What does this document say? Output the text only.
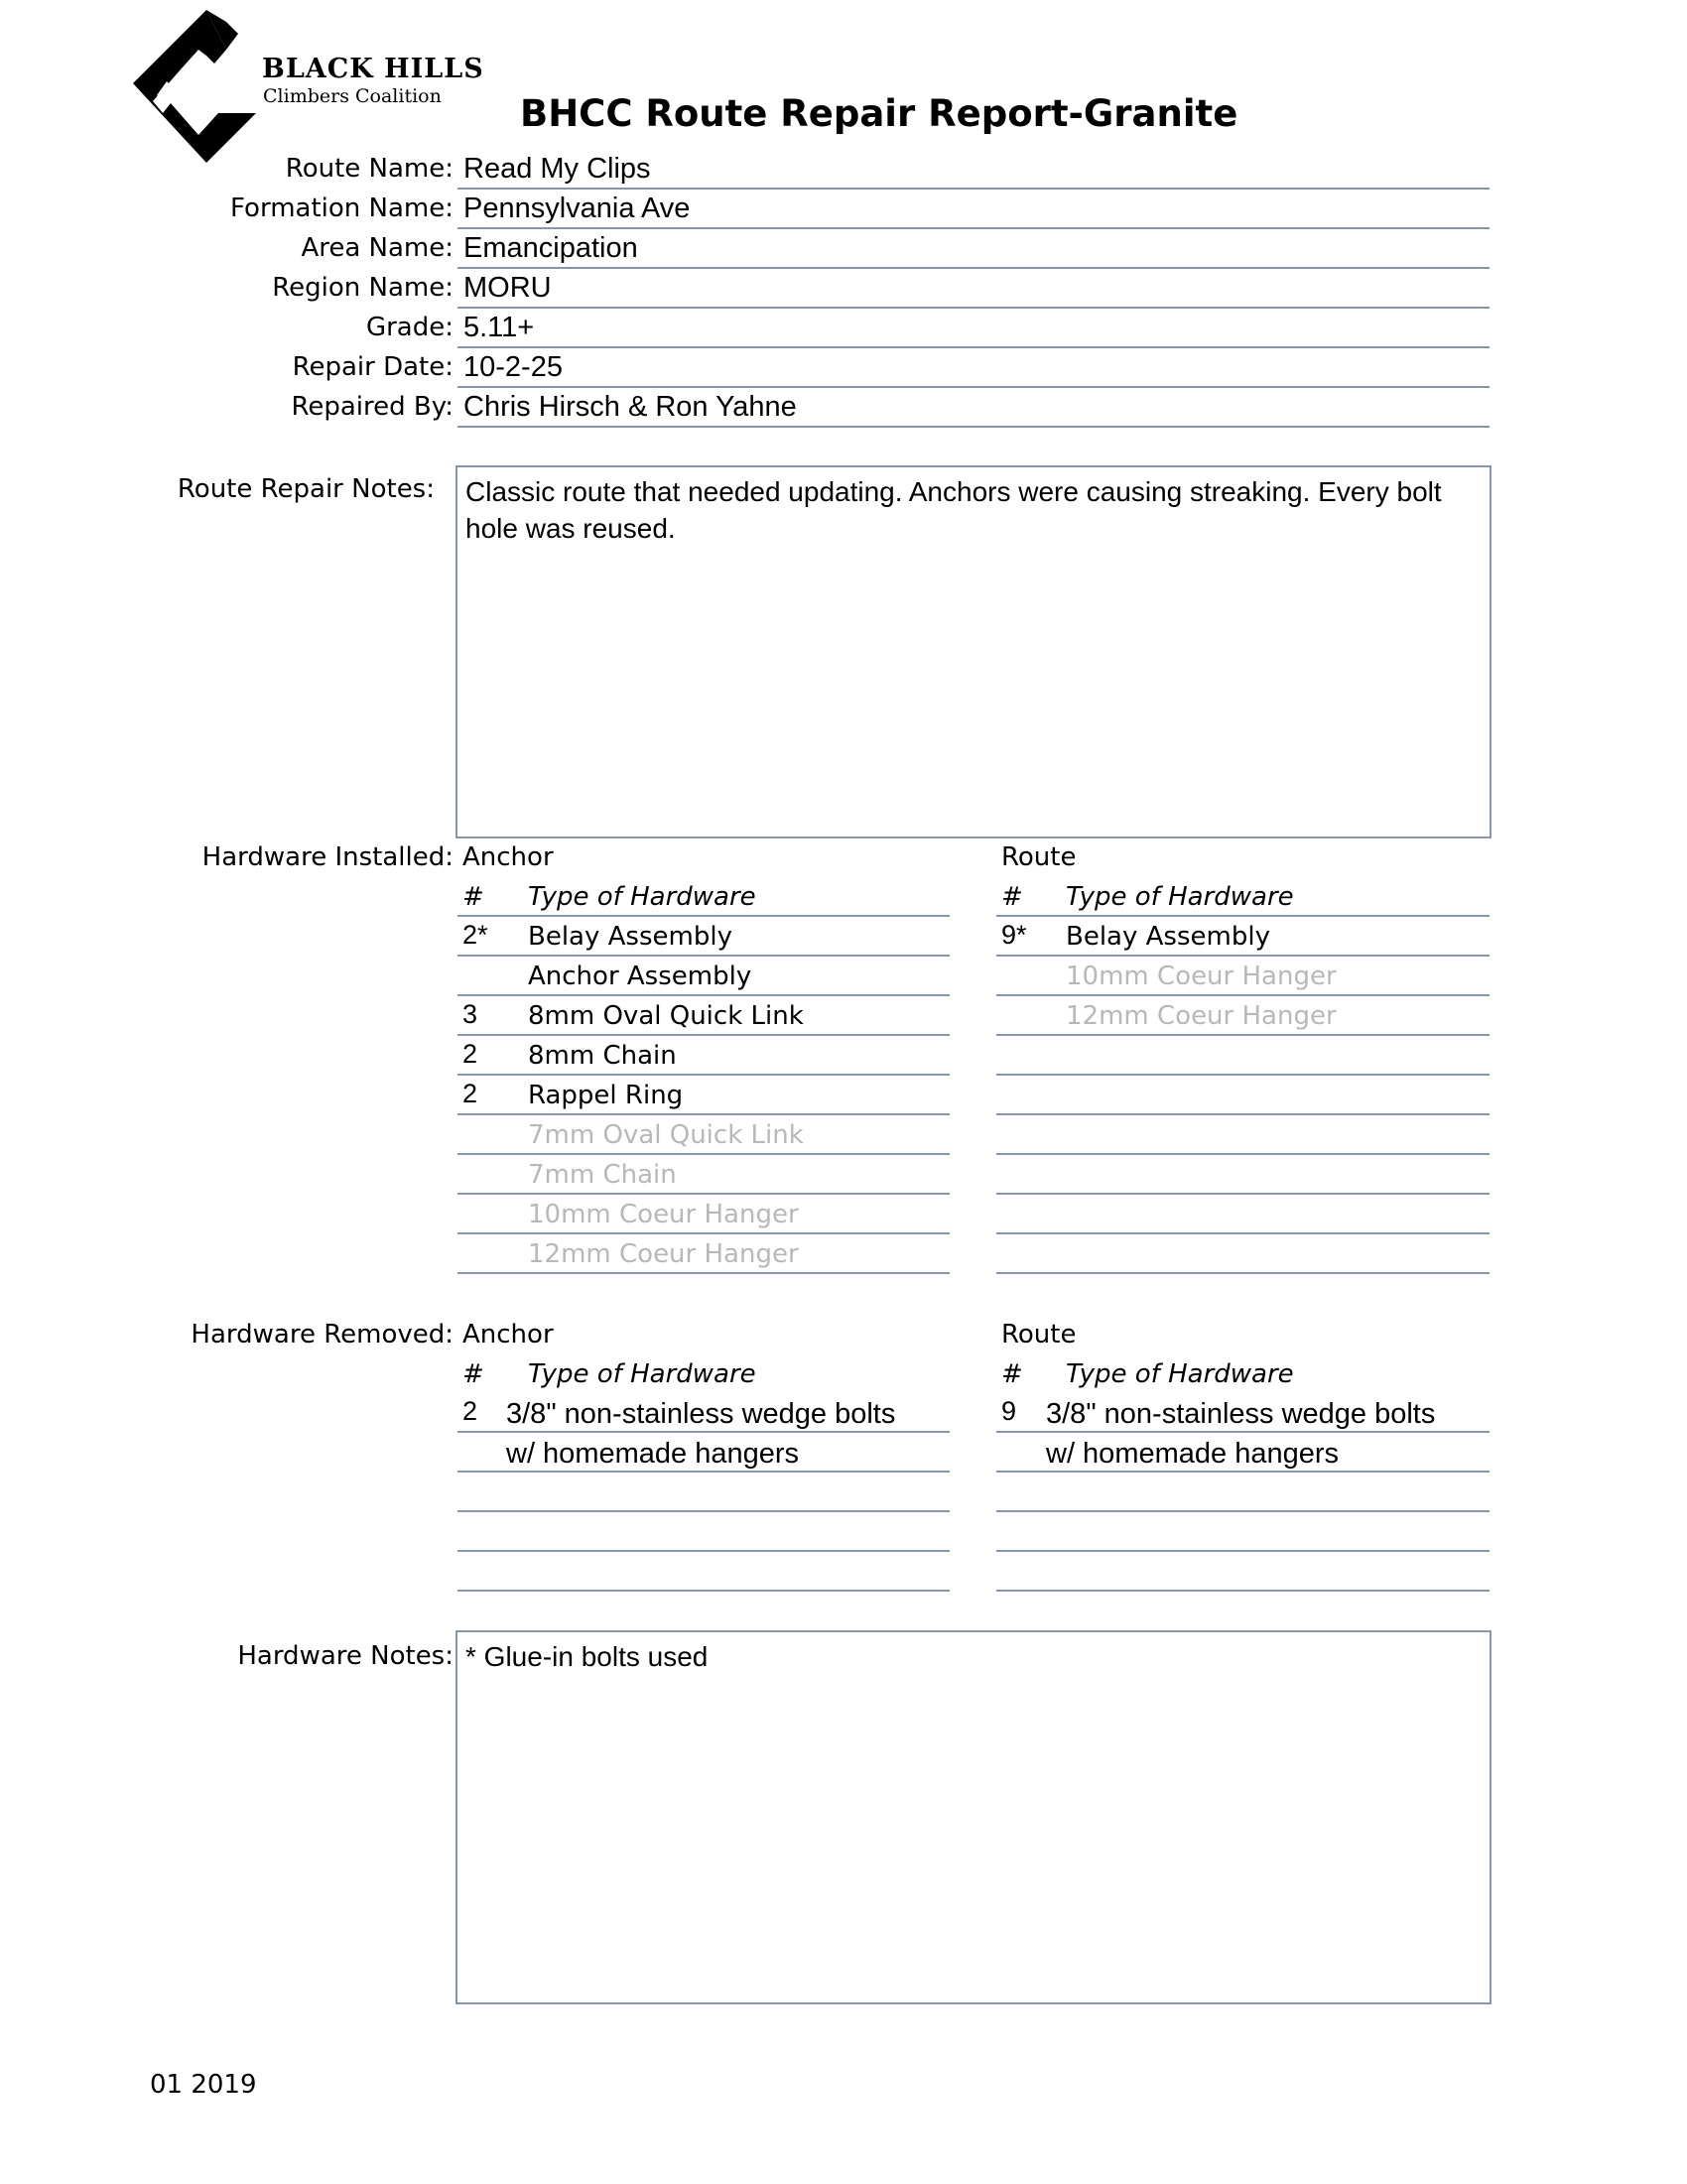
BLACK HILLS
Climbers Coalition BHCC Route Repair Report-Granite
Route Name: Read My Clips
Formation Name: Pennsylvania Ave
Area Name: Emancipation
Region Name: MORU
Grade: 5.11+
Repair Date: 10-2-25
Repaired By: Chris Hirsch & Ron Yahne
Route Repair Notes:	Classic route that needed updating. Anchors were causing streaking. Every bolt hole was reused.
Hardware Installed: Anchor
# Type of Hardware
2* Belay Assembly
Anchor Assembly
3 8mm Oval Quick Link
2 8mm Chain
2 Rappel Ring
7mm Oval Quick Link
7mm Chain
10mm Coeur Hanger
12mm Coeur Hanger
Route
# Type of Hardware
9* Belay Assembly
10mm Coeur Hanger
12mm Coeur Hanger
Hardware Removed: Anchor
# Type of Hardware
2 3/8" non-stainless wedge bolts
w/ homemade hangers
Route
# Type of Hardware
9 3/8" non-stainless wedge bolts
w/ homemade hangers
Hardware Notes: * Glue-in bolts used
01 2019
